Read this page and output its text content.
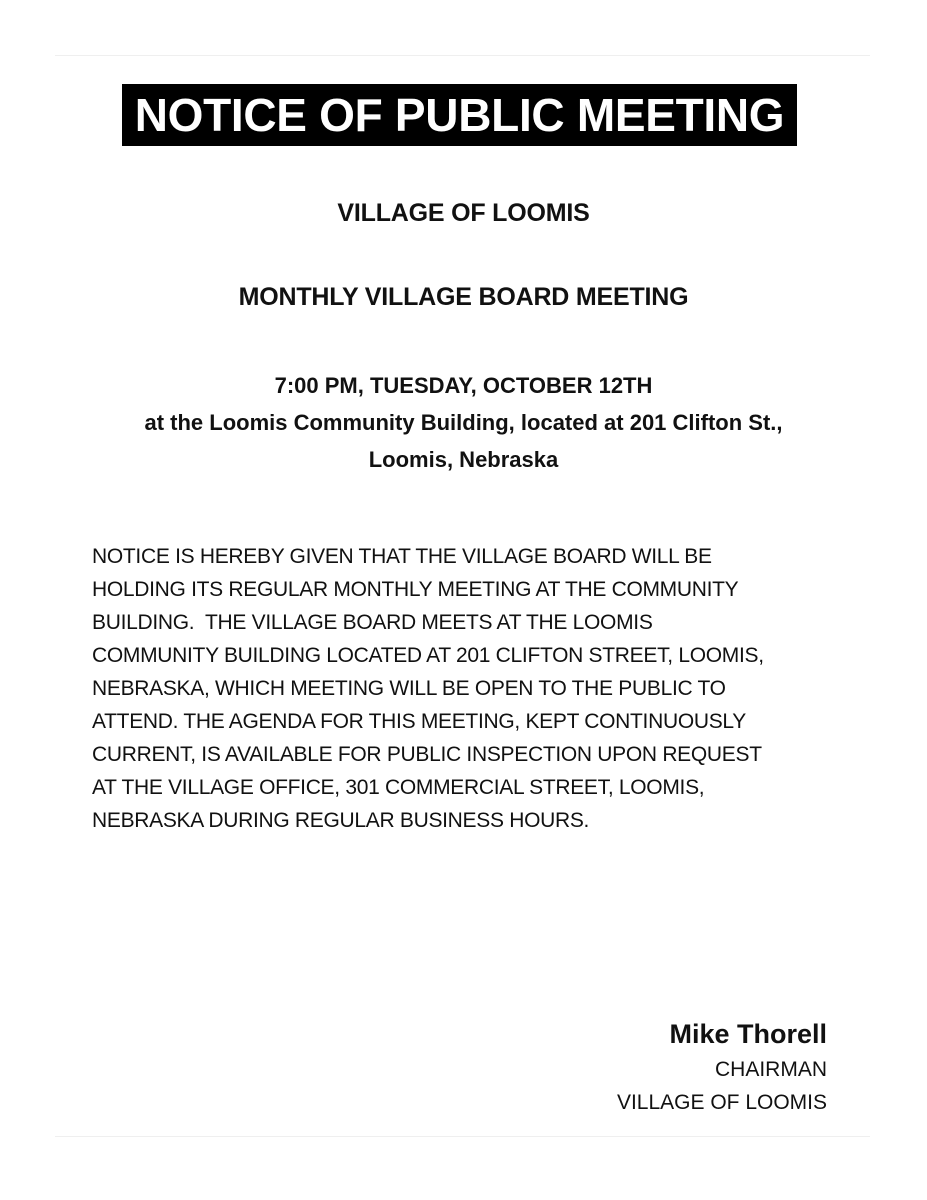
NOTICE OF PUBLIC MEETING
VILLAGE OF LOOMIS
MONTHLY VILLAGE BOARD MEETING
7:00 PM, TUESDAY, OCTOBER 12TH
at the Loomis Community Building, located at 201 Clifton St.,
Loomis, Nebraska
NOTICE IS HEREBY GIVEN THAT THE VILLAGE BOARD WILL BE
HOLDING ITS REGULAR MONTHLY MEETING AT THE COMMUNITY
BUILDING.  THE VILLAGE BOARD MEETS AT THE LOOMIS
COMMUNITY BUILDING LOCATED AT 201 CLIFTON STREET, LOOMIS,
NEBRASKA, WHICH MEETING WILL BE OPEN TO THE PUBLIC TO
ATTEND. THE AGENDA FOR THIS MEETING, KEPT CONTINUOUSLY
CURRENT, IS AVAILABLE FOR PUBLIC INSPECTION UPON REQUEST
AT THE VILLAGE OFFICE, 301 COMMERCIAL STREET, LOOMIS,
NEBRASKA DURING REGULAR BUSINESS HOURS.
Mike Thorell
CHAIRMAN
VILLAGE OF LOOMIS
